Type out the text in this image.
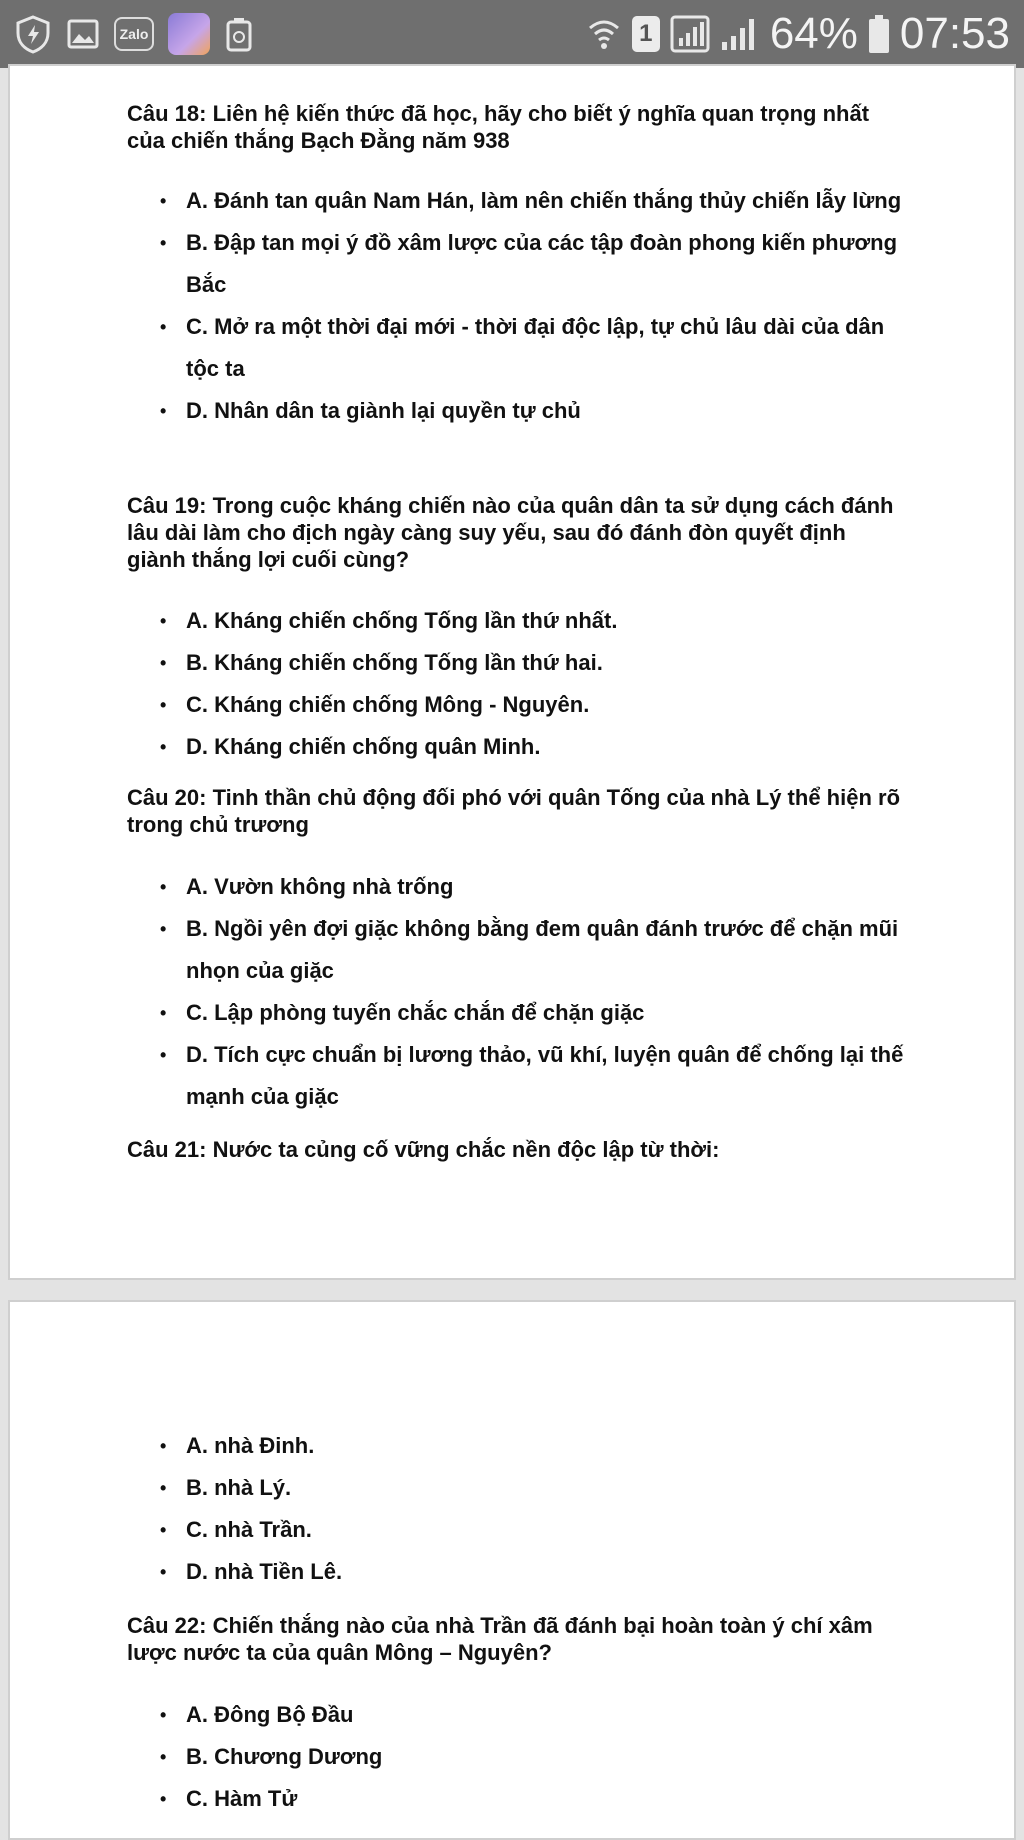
Zalo	1	64% 07:53
Câu 18: Liên hệ kiến thức đã học, hãy cho biết ý nghĩa quan trọng nhất của chiến thắng Bạch Đằng năm 938
• A. Đánh tan quân Nam Hán, làm nên chiến thắng thủy chiến lẫy lừng
• B. Đập tan mọi ý đồ xâm lược của các tập đoàn phong kiến phương Bắc
• C. Mở ra một thời đại mới - thời đại độc lập, tự chủ lâu dài của dân tộc ta
• D. Nhân dân ta giành lại quyền tự chủ
Câu 19: Trong cuộc kháng chiến nào của quân dân ta sử dụng cách đánh lâu dài làm cho địch ngày càng suy yếu, sau đó đánh đòn quyết định giành thắng lợi cuối cùng?
• A. Kháng chiến chống Tống lần thứ nhất.
• B. Kháng chiến chống Tống lần thứ hai.
• C. Kháng chiến chống Mông - Nguyên.
• D. Kháng chiến chống quân Minh.
Câu 20: Tinh thần chủ động đối phó với quân Tống của nhà Lý thể hiện rõ trong chủ trương
• A. Vườn không nhà trống
• B. Ngồi yên đợi giặc không bằng đem quân đánh trước để chặn mũi nhọn của giặc
• C. Lập phòng tuyến chắc chắn để chặn giặc
• D. Tích cực chuẩn bị lương thảo, vũ khí, luyện quân để chống lại thế mạnh của giặc
Câu 21: Nước ta củng cố vững chắc nền độc lập từ thời:
• A. nhà Đinh.
• B. nhà Lý.
• C. nhà Trần.
• D. nhà Tiền Lê.
Câu 22: Chiến thắng nào của nhà Trần đã đánh bại hoàn toàn ý chí xâm lược nước ta của quân Mông – Nguyên?
• A. Đông Bộ Đầu
• B. Chương Dương
• C. Hàm Tử
